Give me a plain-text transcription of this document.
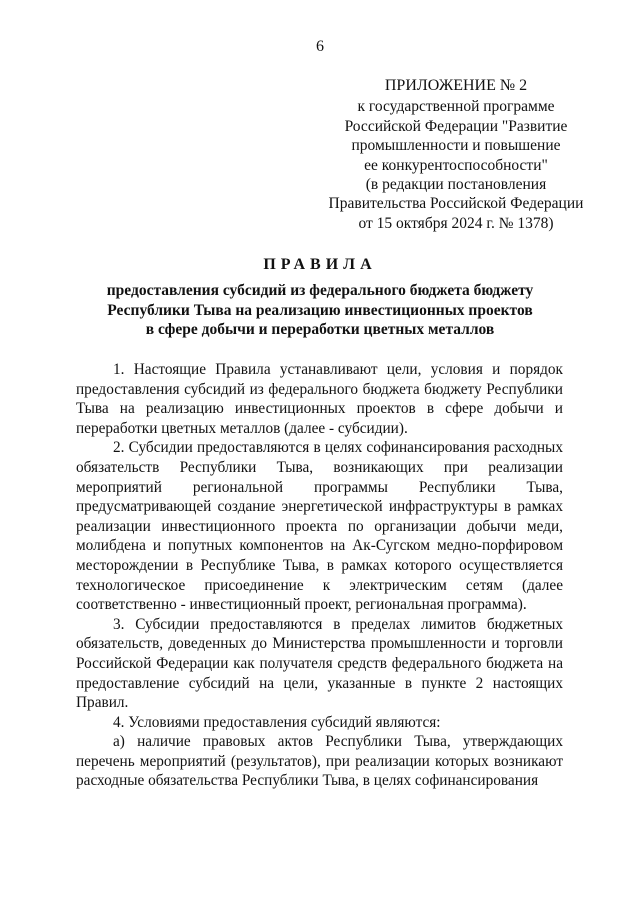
6
ПРИЛОЖЕНИЕ № 2
к государственной программе
Российской Федерации "Развитие
промышленности и повышение
ее конкурентоспособности"
(в редакции постановления
Правительства Российской Федерации
от 15 октября 2024 г. № 1378)
ПРАВИЛА
предоставления субсидий из федерального бюджета бюджету
Республики Тыва на реализацию инвестиционных проектов
в сфере добычи и переработки цветных металлов

1. Настоящие Правила устанавливают цели, условия и порядок предоставления субсидий из федерального бюджета бюджету Республики Тыва на реализацию инвестиционных проектов в сфере добычи и переработки цветных металлов (далее - субсидии).

2. Субсидии предоставляются в целях софинансирования расходных обязательств Республики Тыва, возникающих при реализации мероприятий региональной программы Республики Тыва, предусматривающей создание энергетической инфраструктуры в рамках реализации инвестиционного проекта по организации добычи меди, молибдена и попутных компонентов на Ак-Сугском медно-порфировом месторождении в Республике Тыва, в рамках которого осуществляется технологическое присоединение к электрическим сетям (далее соответственно - инвестиционный проект, региональная программа).

3. Субсидии предоставляются в пределах лимитов бюджетных обязательств, доведенных до Министерства промышленности и торговли Российской Федерации как получателя средств федерального бюджета на предоставление субсидий на цели, указанные в пункте 2 настоящих Правил.

4. Условиями предоставления субсидий являются:

а) наличие правовых актов Республики Тыва, утверждающих перечень мероприятий (результатов), при реализации которых возникают расходные обязательства Республики Тыва, в целях софинансирования
